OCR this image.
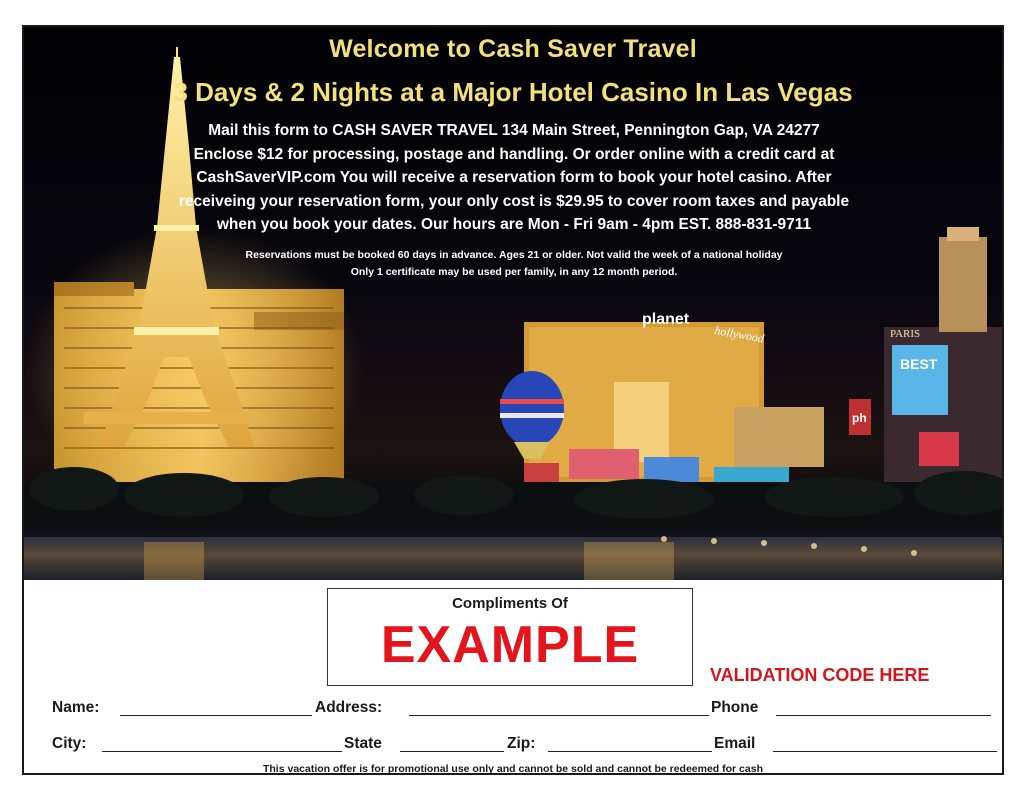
planet
hollywood	PARIS
BEST
ph
Welcome to Cash Saver Travel
3 Days & 2 Nights at a Major Hotel Casino In Las Vegas
Mail this form to CASH SAVER TRAVEL 134 Main Street, Pennington Gap, VA 24277
Enclose $12 for processing, postage and handling. Or order online with a credit card at
CashSaverVIP.com You will receive a reservation form to book your hotel casino. After
receiveing your reservation form, your only cost is $29.95 to cover room taxes and payable
when you book your dates. Our hours are Mon - Fri 9am - 4pm EST. 888-831-9711
Reservations must be booked 60 days in advance. Ages 21 or older. Not valid the week of a national holiday
Only 1 certificate may be used per family, in any 12 month period.
Compliments Of
EXAMPLE
VALIDATION CODE HERE
Name:	Address:	Phone
City:	State	Zip:	Email
This vacation offer is for promotional use only and cannot be sold and cannot be redeemed for cash
